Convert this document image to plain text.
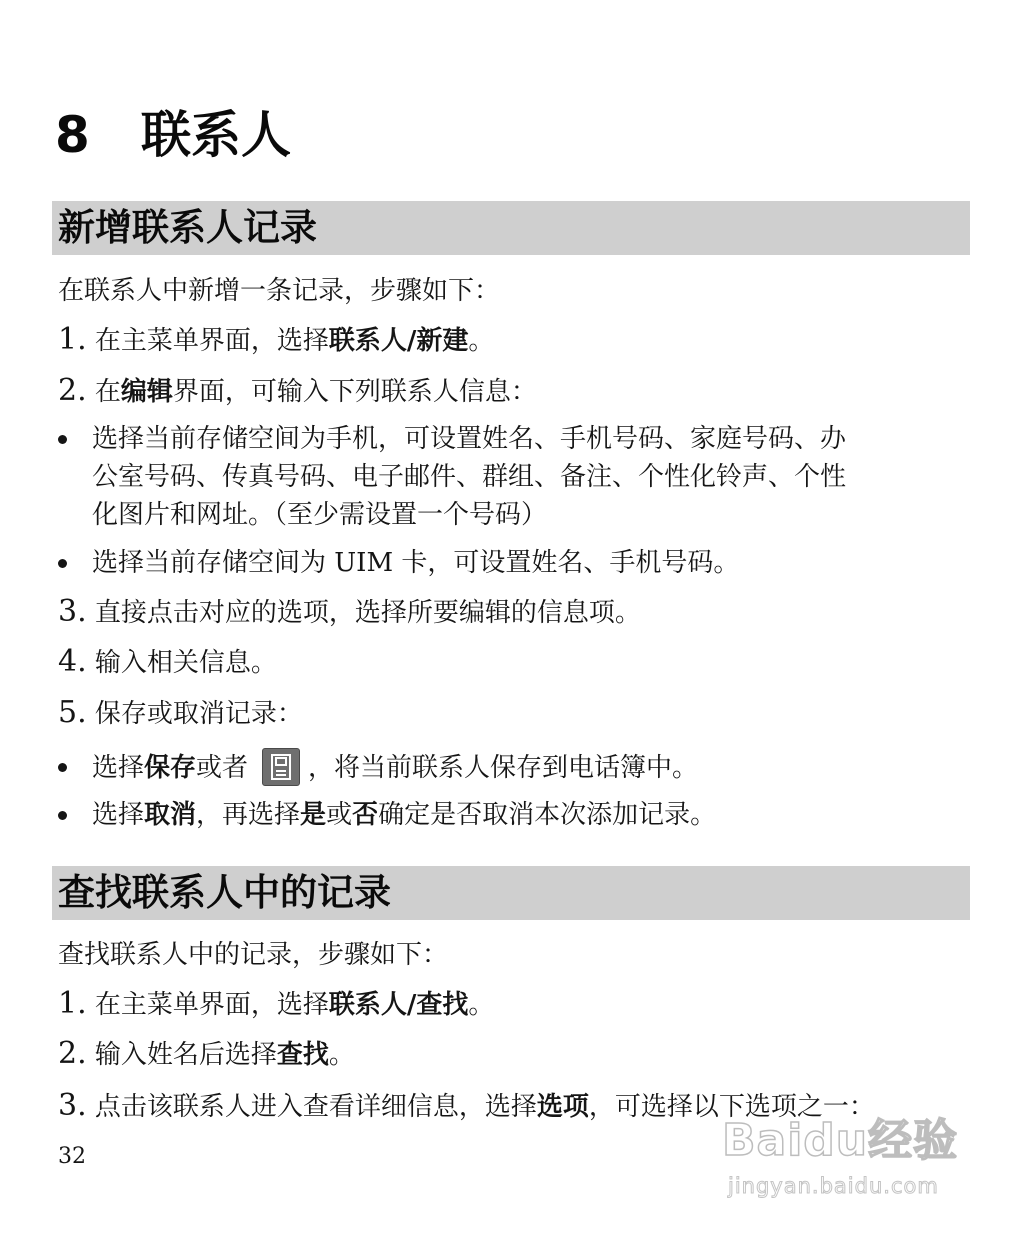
8 联系人
新增联系人记录
在联系人中新增一条记录，步骤如下：
1. 在主菜单界面，选择联系人/新建。
2. 在编辑界面，可输入下列联系人信息：
选择当前存储空间为手机，可设置姓名、手机号码、家庭号码、办
公室号码、传真号码、电子邮件、群组、备注、个性化铃声、个性
化图片和网址。（至少需设置一个号码）
选择当前存储空间为 UIM 卡，可设置姓名、手机号码。
3. 直接点击对应的选项，选择所要编辑的信息项。
4. 输入相关信息。
5. 保存或取消记录：
选择保存或者 ，将当前联系人保存到电话簿中。
选择取消，再选择是或否确定是否取消本次添加记录。
查找联系人中的记录
查找联系人中的记录，步骤如下：
1. 在主菜单界面，选择联系人/查找。
2. 输入姓名后选择查找。
3. 点击该联系人进入查看详细信息，选择选项，可选择以下选项之一：
32	Baidu经验
jingyan.baidu.com
